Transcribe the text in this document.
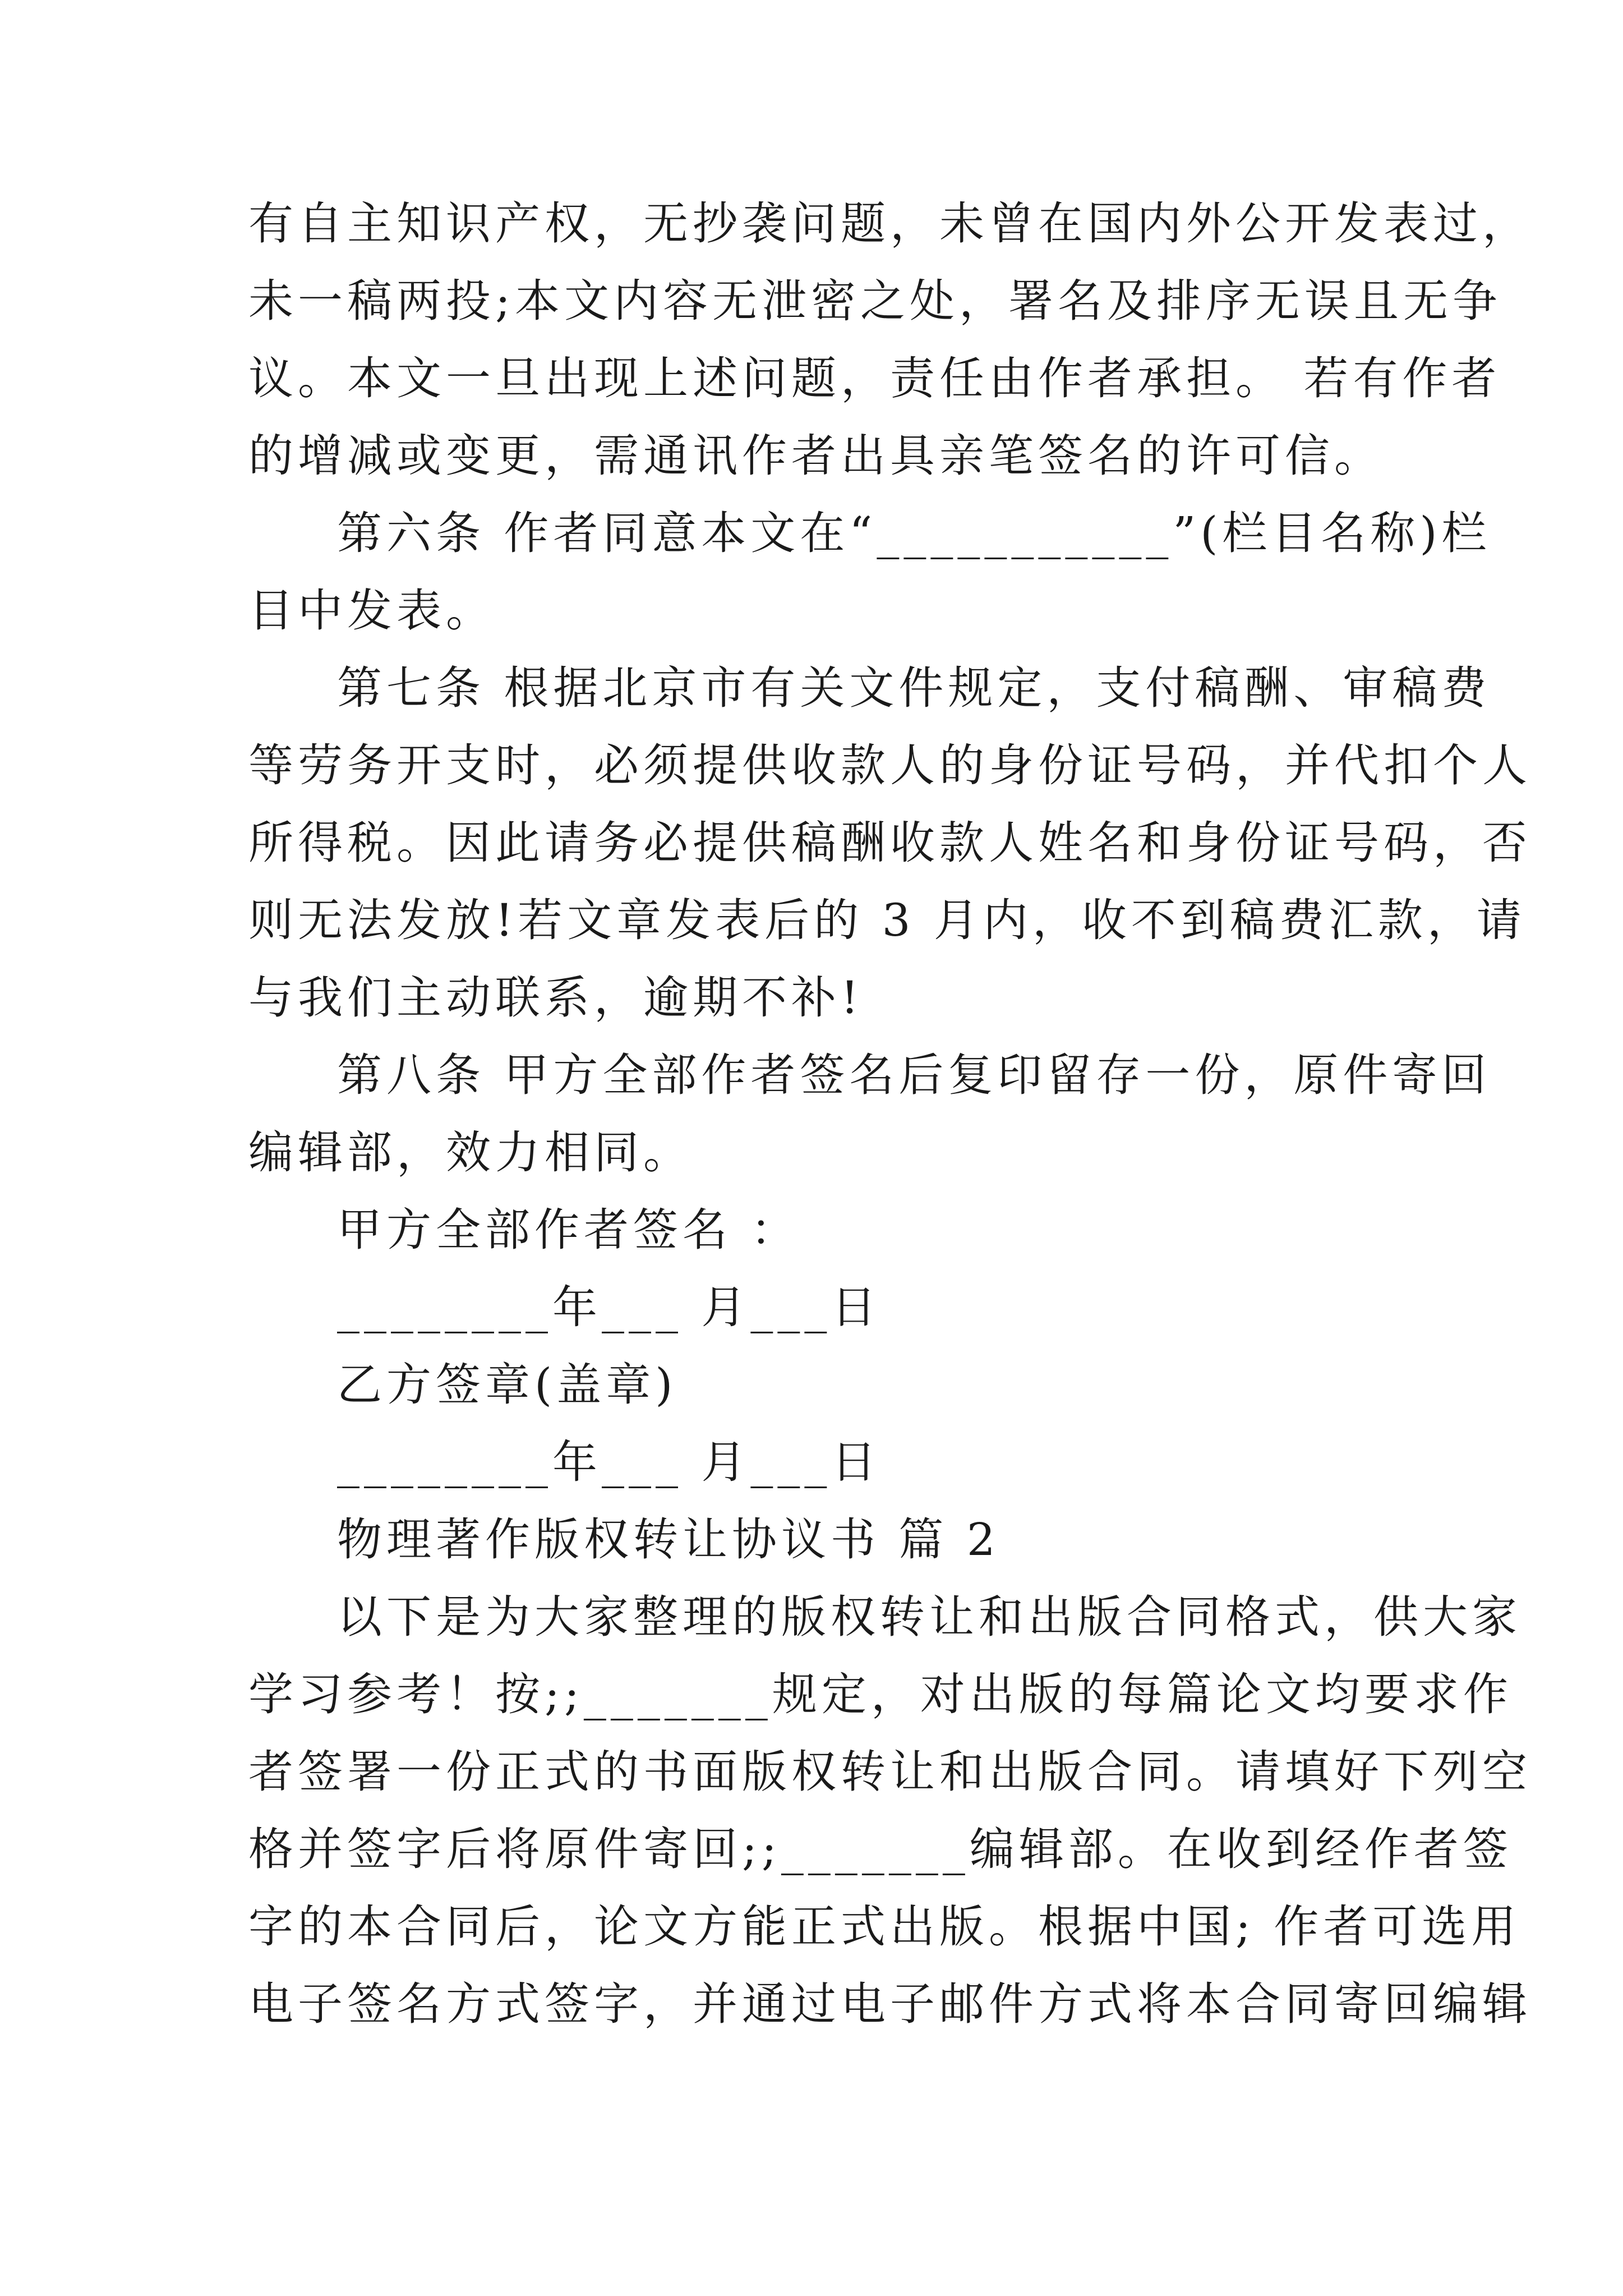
有自主知识产权，无抄袭问题，未曾在国内外公开发表过，
未一稿两投;本文内容无泄密之处，署名及排序无误且无争
议。本文一旦出现上述问题，责任由作者承担。 若有作者
的增减或变更，需通讯作者出具亲笔签名的许可信。
第六条 作者同意本文在“___________”(栏目名称)栏
目中发表。
第七条 根据北京市有关文件规定，支付稿酬、审稿费
等劳务开支时，必须提供收款人的身份证号码，并代扣个人
所得税。因此请务必提供稿酬收款人姓名和身份证号码，否
则无法发放!若文章发表后的 3 月内，收不到稿费汇款，请
与我们主动联系，逾期不补!
第八条 甲方全部作者签名后复印留存一份，原件寄回
编辑部，效力相同。
甲方全部作者签名 ：
________年___ 月___日
乙方签章(盖章)
________年___ 月___日
物理著作版权转让协议书 篇 2
以下是为大家整理的版权转让和出版合同格式，供大家
学习参考！按;;_______规定，对出版的每篇论文均要求作
者签署一份正式的书面版权转让和出版合同。请填好下列空
格并签字后将原件寄回;;_______编辑部。在收到经作者签
字的本合同后，论文方能正式出版。根据中国; 作者可选用
电子签名方式签字，并通过电子邮件方式将本合同寄回编辑
